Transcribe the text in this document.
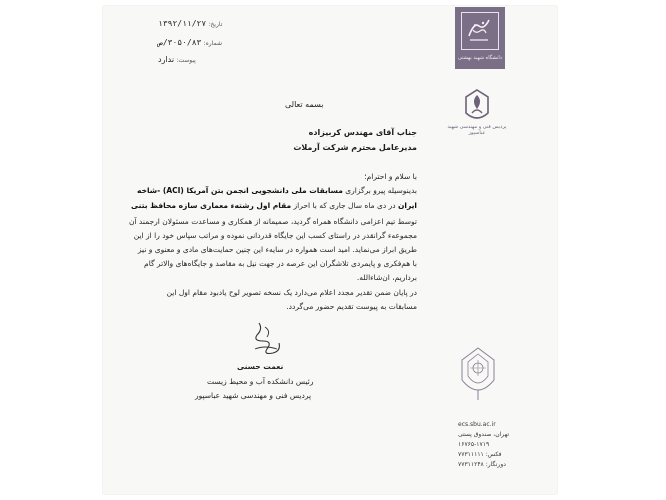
دانشگاه شهید بهشتی
پردیس فنی و مهندسی شهید عباسپور
تاریخ: ۱۳۹۲/۱۱/۲۷
شماره: ۳۰۵۰/۸۳/ص
پیوست: ندارد
بسمه تعالی
جناب آقای مهندس کربیزاده
مدیرعامل محترم شرکت آرملات
با سلام و احترام؛
بدینوسیله پیرو برگزاری مسابقات ملی دانشجویی انجمن بتن آمریکا (ACI) -شاخه
ایران در دی ماه سال جاری که با احراز مقام اول رشتهء معماری سازه محافظ بتنی
توسط تیم اعزامی دانشگاه همراه گردید، صمیمانه از همکاری و مساعدت مسئولان ارجمند آن
مجموعهء گرانقدر در راستای کسب این جایگاه قدردانی نموده و مراتب سپاس خود را از این
طریق ابراز می‌نماید. امید است همواره در سایهء این چنین حمایت‌های مادی و معنوی و نیز
با هم‌فکری و پایمردی تلاشگران این عرصه در جهت نیل به مقاصد و جایگاه‌های والاتر گام
برداریم، ان‌شاءالله.
در پایان ضمن تقدیر مجدد اعلام می‌دارد یک نسخه تصویر لوح یادبود مقام اول این
مسابقات به پیوست تقدیم حضور می‌گردد.
نعمت حسنی
رئیس دانشکده آب و محیط زیست
پردیس فنی و مهندسی شهید عباسپور
ecs.sbu.ac.ir
تهران، صندوق پستی
۱۶۷۶۵-۱۷۱۹
فکس: ۷۷۳۱۱۱۱۱
دورنگار: ۷۷۳۱۱۲۴۸
